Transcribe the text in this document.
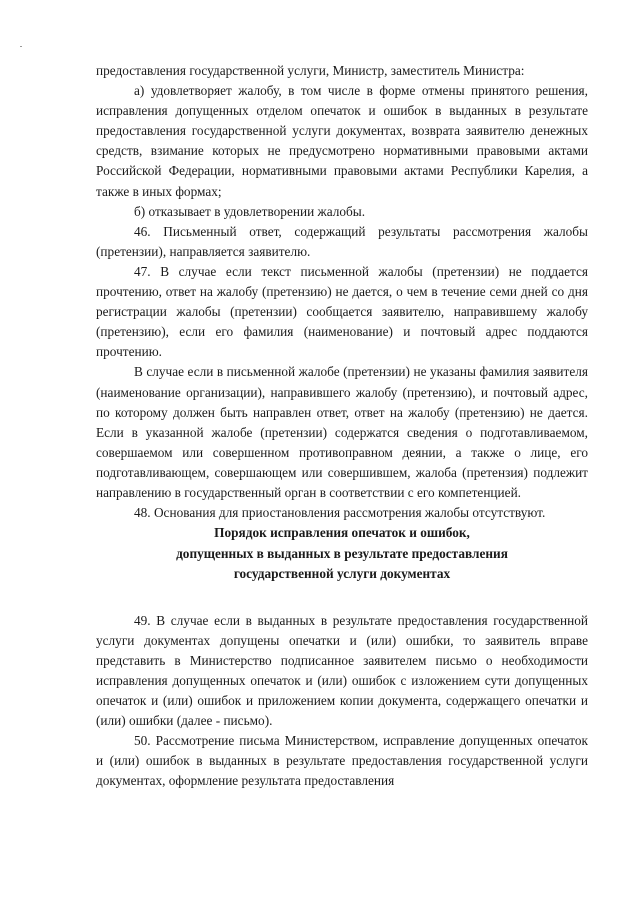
предоставления государственной услуги, Министр, заместитель Министра:

а) удовлетворяет жалобу, в том числе в форме отмены принятого решения, исправления допущенных отделом опечаток и ошибок в выданных в результате предоставления государственной услуги документах, возврата заявителю денежных средств, взимание которых не предусмотрено нормативными правовыми актами Российской Федерации, нормативными правовыми актами Республики Карелия, а также в иных формах;

б) отказывает в удовлетворении жалобы.

46. Письменный ответ, содержащий результаты рассмотрения жалобы (претензии), направляется заявителю.

47. В случае если текст письменной жалобы (претензии) не поддается прочтению, ответ на жалобу (претензию) не дается, о чем в течение семи дней со дня регистрации жалобы (претензии) сообщается заявителю, направившему жалобу (претензию), если его фамилия (наименование) и почтовый адрес поддаются прочтению.

В случае если в письменной жалобе (претензии) не указаны фамилия заявителя (наименование организации), направившего жалобу (претензию), и почтовый адрес, по которому должен быть направлен ответ, ответ на жалобу (претензию) не дается. Если в указанной жалобе (претензии) содержатся сведения о подготавливаемом, совершаемом или совершенном противоправном деянии, а также о лице, его подготавливающем, совершающем или совершившем, жалоба (претензия) подлежит направлению в государственный орган в соответствии с его компетенцией.

48. Основания для приостановления рассмотрения жалобы отсутствуют.

Порядок исправления опечаток и ошибок,
допущенных в выданных в результате предоставления
государственной услуги документах

49. В случае если в выданных в результате предоставления государственной услуги документах допущены опечатки и (или) ошибки, то заявитель вправе представить в Министерство подписанное заявителем письмо о необходимости исправления допущенных опечаток и (или) ошибок с изложением сути допущенных опечаток и (или) ошибок и приложением копии документа, содержащего опечатки и (или) ошибки (далее - письмо).

50. Рассмотрение письма Министерством, исправление допущенных опечаток и (или) ошибок в выданных в результате предоставления государственной услуги документах, оформление результата предоставления
